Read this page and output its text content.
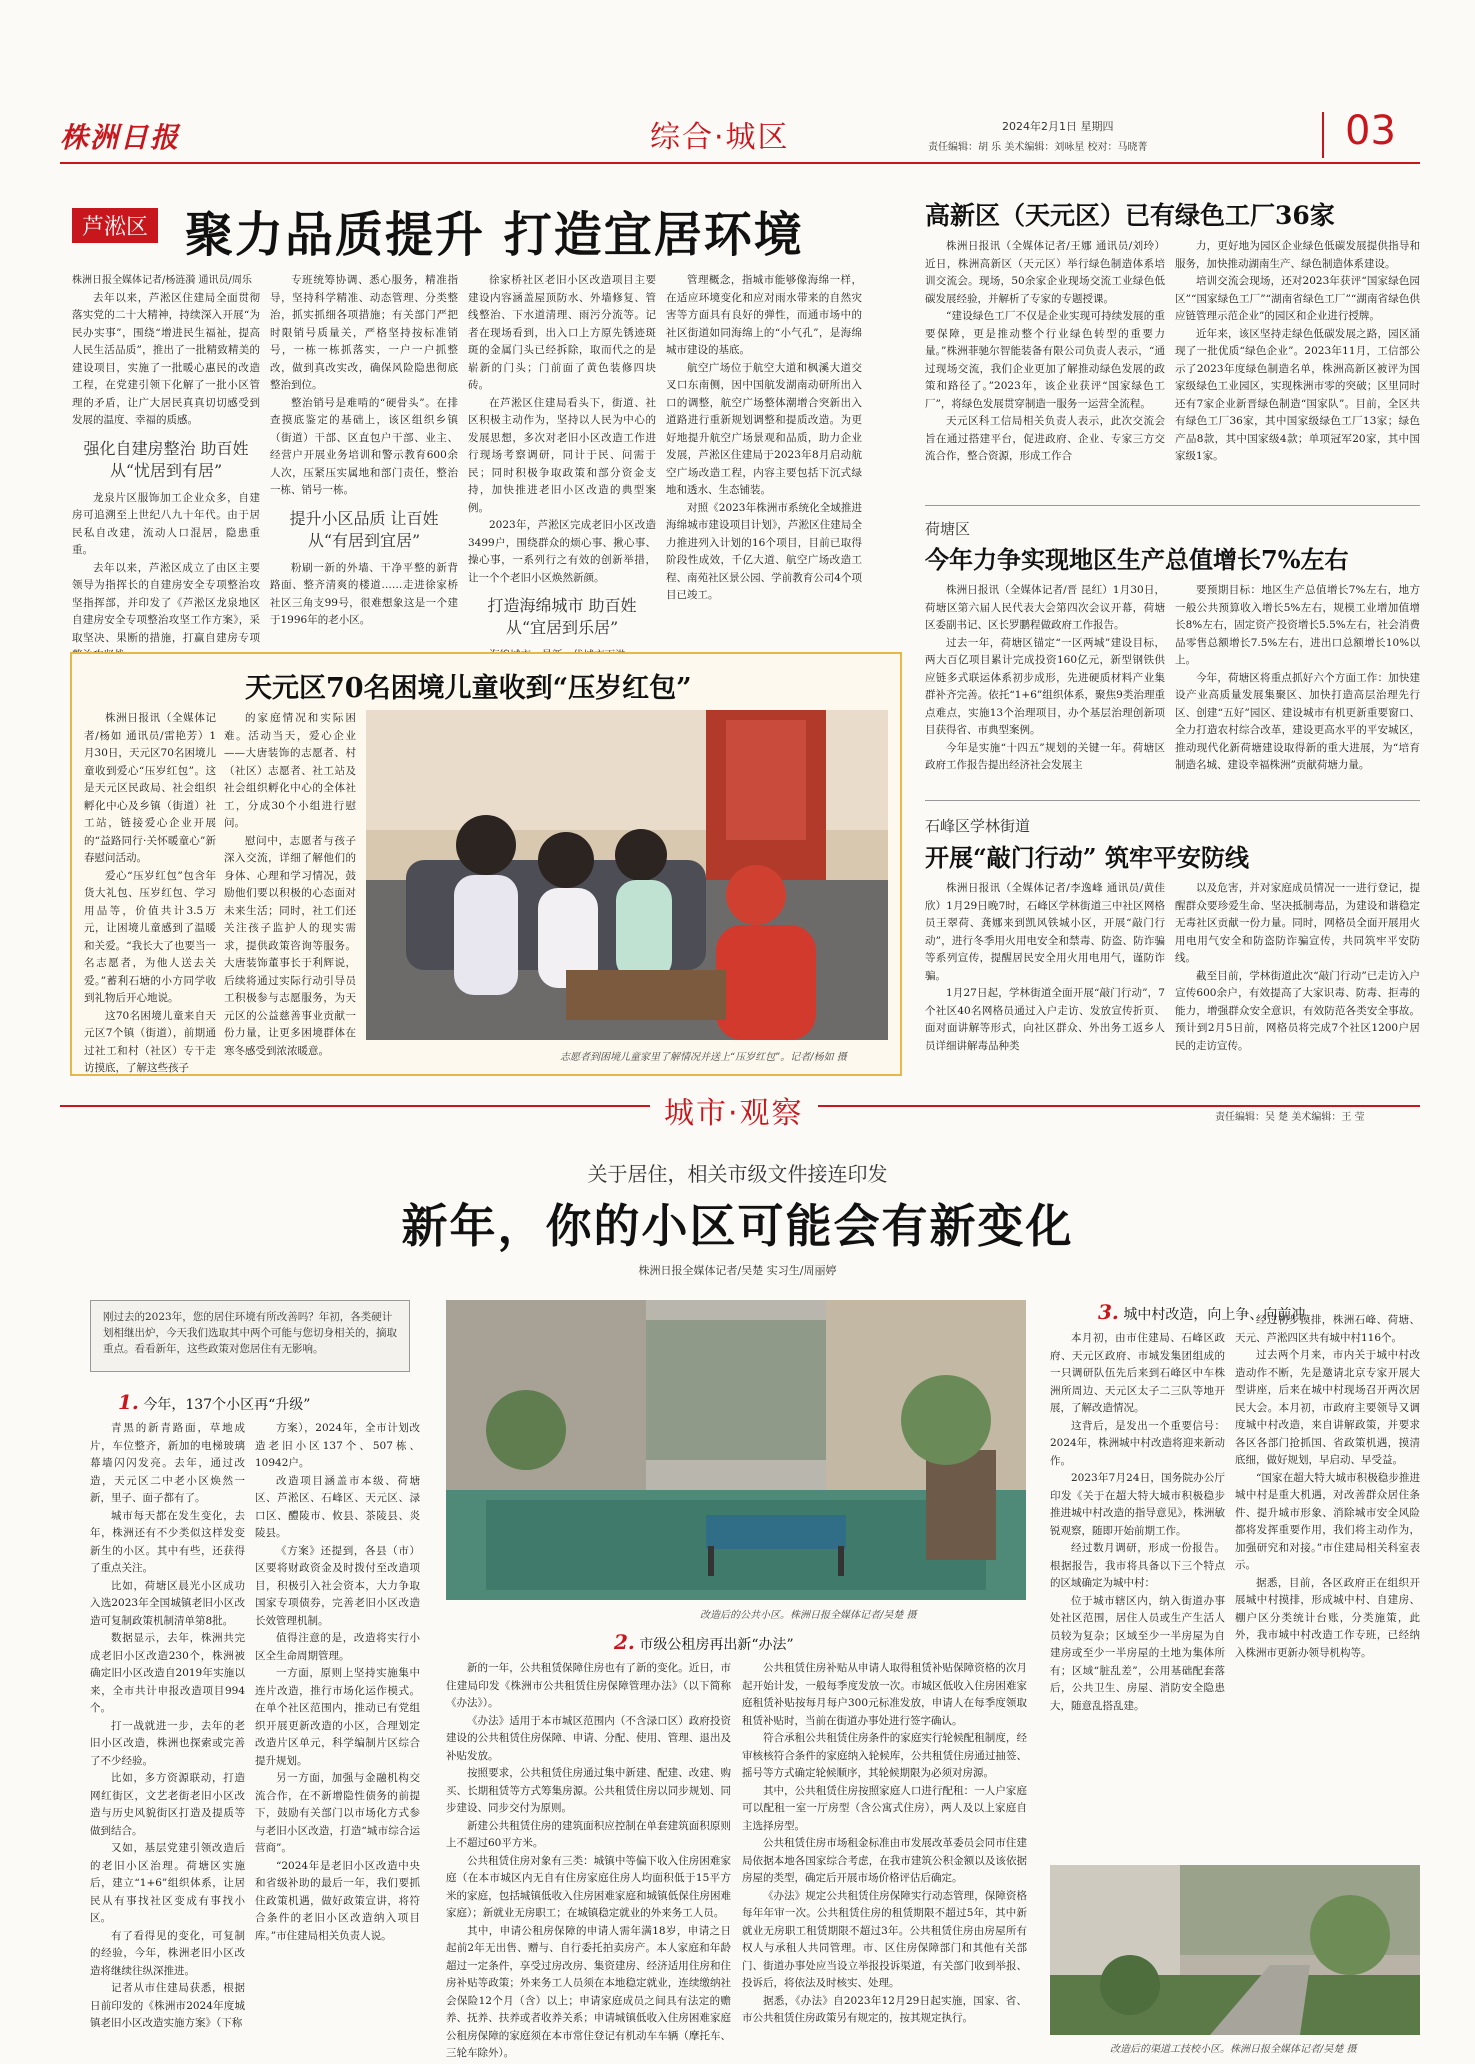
株洲日报	综合·城区	2024年2月1日 星期四
责任编辑：胡 乐 美术编辑：刘咏星 校对：马晓菁	03
芦淞区 聚力品质提升 打造宜居环境
株洲日报全媒体记者/杨涟漪 通讯员/周乐

去年以来，芦淞区住建局全面贯彻落实党的二十大精神，持续深入开展“为民办实事”，围绕“增进民生福祉，提高人民生活品质”，推出了一批精致精美的建设项目，实施了一批暖心惠民的改造工程，在党建引领下化解了一批小区管理的矛盾，让广大居民真真切切感受到发展的温度、幸福的质感。

强化自建房整治 助百姓从“忧居到有居”

龙泉片区服饰加工企业众多，自建房可追溯至上世纪八九十年代。由于居民私自改建，流动人口混居，隐患重重。

去年以来，芦淞区成立了由区主要领导为指挥长的自建房安全专项整治攻坚指挥部，并印发了《芦淞区龙泉地区自建房安全专项整治攻坚工作方案》，采取坚决、果断的措施，打赢自建房专项

专班统筹协调、悉心服务，精准指导，坚持科学精准、动态管理、分类整治，抓实抓细各项措施；有关部门严把时限销号质量关，严格坚持按标准销号，一栋一栋抓落实，一户一户抓整改，做到真改实改，确保风险隐患彻底整治到位。

整治销号是难啃的“硬骨头”。在排查摸底鉴定的基础上，该区组织乡镇（街道）干部、区直包户干部、业主、经营户开展业务培训和警示教育600余人次，压紧压实属地和部门责任，整治一栋、销号一栋。

提升小区品质 让百姓从“有居到宜居”

粉刷一新的外墙、干净平整的新背路面、整齐清爽的楼道……走进徐家桥社区三角支99号，很难想象这是一个建于1996年的老小区。

徐家桥社区老旧小区改造项目主要建设内容涵盖屋顶防水、外墙修复、管线整治、下水道清理、雨污分流等。记者在现场看到，出入口上方原先锈迹斑斑的金属门头已经拆除，取而代之的是崭新的门头；门前面了黄色装修四块砖。

在芦淞区住建局看头下，街道、社区积极主动作为，坚持以人民为中心的发展思想，多次对老旧小区改造工作进行现场考察调研，同计于民、问需于民；同时积极争取政策和部分资金支持，加快推进老旧小区改造的典型案例。

2023年，芦淞区完成老旧小区改造3499户，围绕群众的烦心事、揪心事、操心事，一系列行之有效的创新举措，让一个个老旧小区焕然新颜。

打造海绵城市 助百姓从“宜居到乐居”

管理概念，指城市能够像海绵一样，在适应环境变化和应对雨水带来的自然灾害等方面具有良好的弹性，而通市场中的社区街道如同海绵上的“小气孔”，是海绵城市建设的基底。

航空广场位于航空大道和枫溪大道交叉口东南侧，因中国航发湖南动研所出入口的调整，航空广场整体潮增合突新出入道路进行重新规划调整和提质改造。为更好地提升航空广场景观和品质，助力企业发展，芦淞区住建局于2023年8月启动航空广场改造工程，内容主要包括下沉式绿地和透水、生态铺装。

对照《2023年株洲市系统化全域推进海绵城市建设项目计划》，芦淞区住建局全力推进列入计划的16个项目，目前已取得阶段性成效，千亿大道、航空广场改造工程、南苑社区景公园、学前教育公司4个项目已竣工。

高新区（天元区）已有绿色工厂36家

株洲日报讯（全媒体记者/王娜 通讯员/刘玲）近日，株洲高新区（天元区）举行绿色制造体系培训交流会。现场，50余家企业现场交流工业绿色低碳发展经验，并解析了专家的专题授课。

“建设绿色工厂不仅是企业实现可持续发展的重要保障，更是推动整个行业绿色转型的重要力量。”株洲菲驰尔智能装备有限公司负责人表示，“通过现场交流，我们企业更加了解推动绿色发展的政策和路径了。”2023年，该企业获评“国家绿色工厂”，将绿色发展贯穿制造一服务一运营全流程。

天元区科工信局相关负责人表示，此次交流会旨在通过搭建平台，促进政府、企业、专家三方交流合作，整合资源，形成工作合

力，更好地为园区企业绿色低碳发展提供指导和服务，加快推动湖南生产、绿色制造体系建设。

培训交流会现场，还对2023年获评“国家绿色园区”“国家绿色工厂”“湖南省绿色工厂”“湖南省绿色供应链管理示范企业”的园区和企业进行授牌。

近年来，该区坚持走绿色低碳发展之路，园区涌现了一批优质“绿色企业”。2023年11月，工信部公示了2023年度绿色制造名单，株洲高新区被评为国家级绿色工业园区，实现株洲市零的突破；区里同时还有7家企业新晋绿色制造“国家队”。目前，全区共有绿色工厂36家，其中国家级绿色工厂13家；绿色产品8款，其中国家级4款；单项冠军20家，其中国家级1家。

荷塘区
今年力争实现地区生产总值增长7%左右

株洲日报讯（全媒体记者/晋 昆红）1月30日，荷塘区第六届人民代表大会第四次会议开幕，荷塘区委副书记、区长罗鹏程做政府工作报告。

过去一年，荷塘区锚定“一区两城”建设目标，两大百亿项目累计完成投资160亿元，新型钢铁供应链多式联运体系初步成形，先进硬质材料产业集群补齐完善。依托“1+6”组织体系，聚焦9类治理重点难点，实施13个治理项目，办个基层治理创新项目获得省、市典型案例。

今年是实施“十四五”规划的关键一年。荷塘区政府工作报告提出经济社会发展主

要预期目标：地区生产总值增长7%左右，地方一般公共预算收入增长5%左右，规模工业增加值增长8%左右，固定资产投资增长5.5%左右，社会消费品零售总额增长7.5%左右，进出口总额增长10%以上。

今年，荷塘区将重点抓好六个方面工作：加快建设产业高质量发展集聚区、加快打造高层治理先行区、创建“五好”园区、建设城市有机更新重要窗口、全力打造农村综合改革，建设更高水平的平安城区，推动现代化新荷塘建设取得新的重大进展，为“培育制造名城、建设幸福株洲”贡献荷塘力量。

石峰区学林街道
开展“敲门行动” 筑牢平安防线

株洲日报讯（全媒体记者/李逸峰 通讯员/黄佳欣）1月29日晚7时，石峰区学林街道三中社区网格员王翠荷、龚娜来到凯风铁城小区，开展“敲门行动”，进行冬季用火用电安全和禁毒、防盗、防诈骗等系列宣传，提醒居民安全用火用电用气，谨防诈骗。

1月27日起，学林街道全面开展“敲门行动”，7个社区40名网格员通过入户走访、发放宣传折页、面对面讲解等形式，向社区群众、外出务工返乡人员详细讲解毒品种类

以及危害，并对家庭成员情况一一进行登记，提醒群众要珍爱生命、坚决抵制毒品，为建设和谐稳定无毒社区贡献一份力量。同时，网格员全面开展用火用电用气安全和防盗防诈骗宣传，共同筑牢平安防线。

截至目前，学林街道此次“敲门行动”已走访入户宣传600余户，有效提高了大家识毒、防毒、拒毒的能力，增强群众安全意识，有效防范各类安全事故。预计到2月5日前，网格员将完成7个社区1200户居民的走访宣传。

天元区70名困境儿童收到“压岁红包”

株洲日报讯（全媒体记者/杨如 通讯员/雷艳芳）1月30日，天元区70名困境儿童收到爱心“压岁红包”。这是天元区民政局、社会组织孵化中心及乡镇（街道）社工站，链接爱心企业开展的“益路同行·关怀暖童心”新春慰问活动。

爱心“压岁红包”包含年货大礼包、压岁红包、学习用品等，价值共计3.5万元，让困境儿童感到了温暖和关爱。“我长大了也要当一名志愿者，为他人送去关爱。”蓄利石塘的小方同学收到礼物后开心地说。

这70名困境儿童来自天元区7个镇（街道），前期通过社工和村（社区）专干走访摸底，了解这些孩子

的家庭情况和实际困难。活动当天，爱心企业——大唐装饰的志愿者、村（社区）志愿者、社工站及社会组织孵化中心的全体社工，分成30个小组进行慰问。

慰问中，志愿者与孩子深入交流，详细了解他们的身体、心理和学习情况，鼓励他们要以积极的心态面对未来生活；同时，社工们还关注孩子监护人的现实需求，提供政策咨询等服务。大唐装饰董事长于利辉说，后续将通过实际行动引导员工积极参与志愿服务，为天元区的公益慈善事业贡献一份力量，让更多困境群体在寒冬感受到浓浓暖意。

志愿者到困境儿童家里了解情况并送上“压岁红包”。记者/杨如 摄
城市·观察	责任编辑：吴 楚 美术编辑：王 莹
关于居住，相关市级文件接连印发
新年，你的小区可能会有新变化
株洲日报全媒体记者/吴楚 实习生/周丽婷
刚过去的2023年，您的居住环境有所改善吗？年初，各类硬计划相继出炉，今天我们选取其中两个可能与您切身相关的，摘取重点。看看新年，这些政策对您居住有无影响。
1. 今年，137个小区再“升级”

青黑的新青路面，草地成片，车位整齐，新加的电梯玻璃幕墙闪闪发亮。去年，通过改造，天元区二中老小区焕然一新，里子、面子都有了。

城市每天都在发生变化，去年，株洲还有不少类似这样发变新生的小区。其中有些，还获得了重点关注。

比如，荷塘区晨光小区成功入选2023年全国城镇老旧小区改造可复制政策机制清单第8批。

数据显示，去年，株洲共完成老旧小区改造230个，株洲被确定旧小区改造自2019年实施以来，全市共计申报改造项目994个。

打一战就进一步，去年的老旧小区改造，株洲也探索或完善了不少经验。

比如，多方资源联动，打造网红街区，文艺老街老旧小区改造与历史风貌街区打造及提质等做到结合。

又如，基层党建引领改造后的老旧小区治理。荷塘区实施后，建立“1+6”组织体系，让居民从有事找社区变成有事找小区。

有了看得见的变化，可复制的经验，今年，株洲老旧小区改造将继续往纵深推进。

记者从市住建局获悉，根据日前印发的《株洲市2024年度城镇老旧小区改造实施方案》（下称

方案），2024年，全市计划改造老旧小区137个、507栋、10942户。

改造项目涵盖市本级、荷塘区、芦淞区、石峰区、天元区、渌口区、醴陵市、攸县、茶陵县、炎陵县。

《方案》还提到，各县（市）区要将财政资金及时拨付至改造项目，积极引入社会资本，大力争取国家专项债券，完善老旧小区改造长效管理机制。

值得注意的是，改造将实行小区全生命周期管理。

一方面，原则上坚持实施集中连片改造，推行市场化运作模式。在单个社区范围内，推动已有党组织开展更新改造的小区，合理划定改造片区单元，科学编制片区综合提升规划。

另一方面，加强与金融机构交流合作，在不新增隐性债务的前提下，鼓励有关部门以市场化方式参与老旧小区改造，打造“城市综合运营商”。

“2024年是老旧小区改造中央和省级补助的最后一年，我们要抓住政策机遇，做好政策宣讲，将符合条件的老旧小区改造纳入项目库。”市住建局相关负责人说。

改造后的公共小区。株洲日报全媒体记者/吴楚 摄
2. 市级公租房再出新“办法”

新的一年，公共租赁保障住房也有了新的变化。近日，市住建局印发《株洲市公共租赁住房保障管理办法》（以下简称《办法》）。

《办法》适用于本市城区范围内（不含渌口区）政府投资建设的公共租赁住房保障、申请、分配、使用、管理、退出及补贴发放。

按照要求，公共租赁住房通过集中新建、配建、改建、购买、长期租赁等方式筹集房源。公共租赁住房以同步规划、同步建设、同步交付为原则。

新建公共租赁住房的建筑面积应控制在单套建筑面积原则上不超过60平方米。

公共租赁住房对象有三类：城镇中等偏下收入住房困难家庭（在本市城区内无自有住房家庭住房人均面积低于15平方米的家庭，包括城镇低收入住房困难家庭和城镇低保住房困难家庭）；新就业无房职工；在城镇稳定就业的外来务工人员。

其中，申请公租房保障的申请人需年满18岁，申请之日起前2年无出售、赠与、自行委托拍卖房产。本人家庭和年龄超过一定条件，享受过房改房、集资建房、经济适用住房和住房补贴等政策；外来务工人员须在本地稳定就业，连续缴纳社会保险12个月（含）以上；申请家庭成员之间具有法定的赡养、抚养、扶养或者收养关系；申请城镇低收入住房困难家庭公租房保障的家庭须在本市常住登记有机动车车辆（摩托车、三轮车除外）。

公共租赁住房补贴从申请人取得租赁补贴保障资格的次月起开始计发，一般每季度发放一次。市城区低收入住房困难家庭租赁补贴按每月每户300元标准发放，申请人在每季度领取租赁补贴时，当前在街道办事处进行签字确认。

符合承租公共租赁住房条件的家庭实行轮候配租制度，经审核核符合条件的家庭纳入轮候库，公共租赁住房通过抽签、摇号等方式确定轮候顺序，其轮候期限为必须对房源。

其中，公共租赁住房按照家庭人口进行配租：一人户家庭可以配租一室一厅房型（含公寓式住房），两人及以上家庭自主选择房型。

公共租赁住房市场租金标准由市发展改革委员会同市住建局依据本地各国家综合考虑，在我市建筑公积金额以及该依据房屋的类型，确定后开展市场价格评估后确定。

《办法》规定公共租赁住房保障实行动态管理，保障资格每年年审一次。公共租赁住房的租赁期限不超过5年，其中新就业无房职工租赁期限不超过3年。公共租赁住房由房屋所有权人与承租人共同管理。市、区住房保障部门和其他有关部门、街道办事处应当设立举报投诉渠道，有关部门收到举报、投诉后，将依法及时核实、处理。

据悉，《办法》自2023年12月29日起实施，国家、省、市公共租赁住房政策另有规定的，按其规定执行。

3. 城中村改造，向上争、向前冲

本月初，由市住建局、石峰区政府、天元区政府、市城发集团组成的一只调研队伍先后来到石峰区中车株洲所周边、天元区太子二三队等地开展，了解改造情况。

这背后，是发出一个重要信号：2024年，株洲城中村改造将迎来新动作。

2023年7月24日，国务院办公厅印发《关于在超大特大城市积极稳步推进城中村改造的指导意见》，株洲敏锐观察，随即开始前期工作。

经过数月调研，形成一份报告。根据报告，我市将具备以下三个特点的区域确定为城中村：

位于城市辖区内，纳入街道办事处社区范围，居住人员或生产生活人员较为复杂；区域至少一半房屋为自建房或至少一半房屋的土地为集体所有；区域“脏乱差”，公用基础配套落后，公共卫生、房屋、消防安全隐患大，随意乱搭乱建。

经过初步摸排，株洲石峰、荷塘、天元、芦淞四区共有城中村116个。

过去两个月来，市内关于城中村改造动作不断，先是邀请北京专家开展大型讲座，后来在城中村现场召开两次居民大会。本月初，市政府主要领导又调度城中村改造，来自讲解政策，并要求各区各部门抢抓国、省政策机遇，摸清底细，做好规划，早启动、早受益。

“国家在超大特大城市积极稳步推进城中村是重大机遇，对改善群众居住条件、提升城市形象、消除城市安全风险都将发挥重要作用，我们将主动作为，加强研究和对接。”市住建局相关科室表示。

据悉，目前，各区政府正在组织开展城中村摸排，形成城中村、自建房、棚户区分类统计台账，分类施策，此外，我市城中村改造工作专班，已经纳入株洲市更新办领导机构等。

改造后的渠道工技校小区。株洲日报全媒体记者/吴楚 摄
